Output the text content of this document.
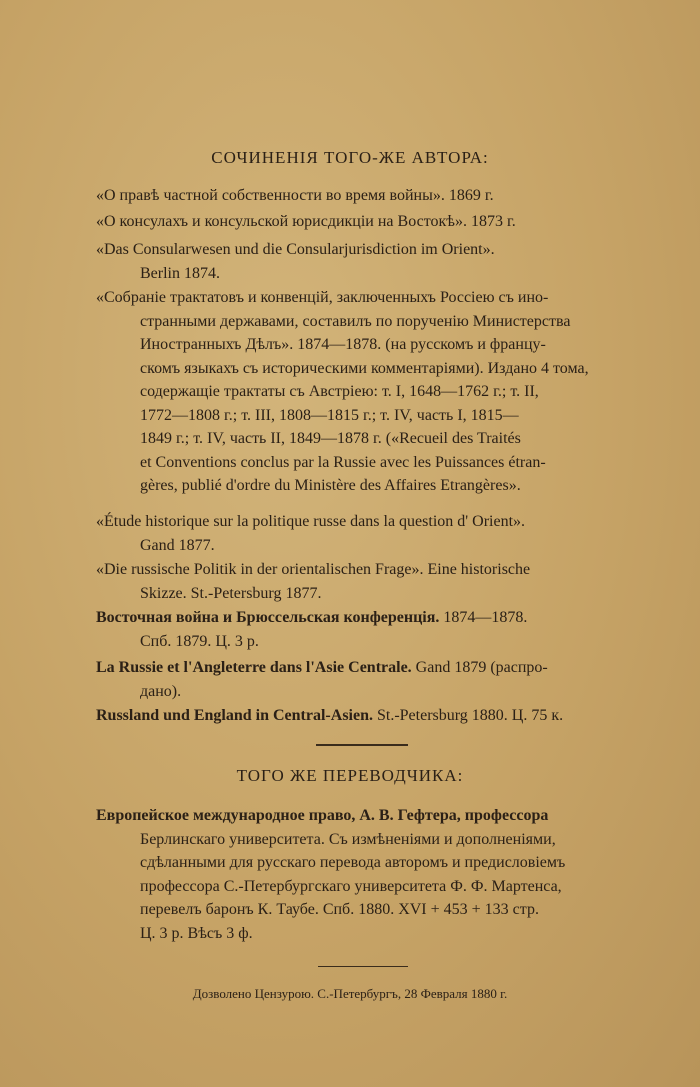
СОЧИНЕНІЯ ТОГО-ЖЕ АВТОРА:
«О правѣ частной собственности во время войны». 1869 г.
«О консулахъ и консульской юрисдикціи на Востокѣ». 1873 г.
«Das Consularwesen und die Consularjurisdiction im Orient».
Berlin 1874.
«Собраніе трактатовъ и конвенцій, заключенныхъ Россіею съ ино-
странными державами, составилъ по порученію Министерства
Иностранныхъ Дѣлъ». 1874—1878. (на русскомъ и францу-
скомъ языкахъ съ историческими комментаріями). Издано 4 тома,
содержащіе трактаты съ Австріею: т. I, 1648—1762 г.; т. II,
1772—1808 г.; т. III, 1808—1815 г.; т. IV, часть I, 1815—
1849 г.; т. IV, часть II, 1849—1878 г. («Recueil des Traités
et Conventions conclus par la Russie avec les Puissances étran-
gères, publié d'ordre du Ministère des Affaires Etrangères».
«Étude historique sur la politique russe dans la question d' Orient».
Gand 1877.
«Die russische Politik in der orientalischen Frage». Eine historische
Skizze. St.-Petersburg 1877.
Восточная война и Брюссельская конференція. 1874—1878.
Спб. 1879. Ц. 3 р.
La Russie et l'Angleterre dans l'Asie Centrale. Gand 1879 (распро-
дано).
Russland und England in Central-Asien. St.-Petersburg 1880. Ц. 75 к.
ТОГО ЖЕ ПЕРЕВОДЧИКА:
Европейское международное право, А. В. Гефтера, профессора
Берлинскаго университета. Съ измѣненіями и дополненіями,
сдѣланными для русскаго перевода авторомъ и предисловіемъ
профессора С.-Петербургскаго университета Ф. Ф. Мартенса,
перевелъ баронъ К. Таубе. Спб. 1880. XVI + 453 + 133 стр.
Ц. 3 р. Вѣсъ 3 ф.
Дозволено Цензурою. С.-Петербургъ, 28 Февраля 1880 г.
